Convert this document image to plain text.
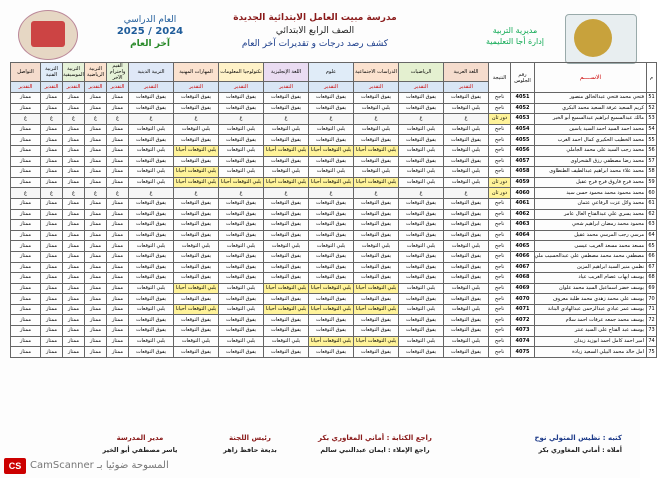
مديرية التربية
إدارة أجا التعليمية
مدرسة مبيت العامل الابتدائية الجديدة
الصف الرابع الابتدائي
كشف رصد درجات و تقديرات آخر العام
العام الدراسي
2024 / 2025
آخر العام
م	الاســــم	رقم الجلوس	النتيجة	اللغة العربية	الرياضيات	الدراسات الاجتماعية	علوم	اللغة الإنجليزية	تكنولوجيا المعلومات	المهارات المهنية	التربية الدينية	القيم واحترام الآخر	التربية الرياضية	التربية الموسيقية	التربية الفنية	التواصل
				التقدير	التقدير	التقدير	التقدير	التقدير	التقدير	التقدير	التقدير	التقدير	التقدير	التقدير	التقدير	التقدير
51	فتحي محمد فتحي عبدالخالق منصور	4051	ناجح	يفوق التوقعات	يفوق التوقعات	يفوق التوقعات	يفوق التوقعات	يفوق التوقعات	يفوق التوقعات	يفوق التوقعات	يفوق التوقعات	ممتاز	ممتاز	ممتاز	ممتاز	ممتاز
52	كريم السعيد عرفة السعيد محمد البكري	4052	ناجح	يلبي التوقعات	يفوق التوقعات	يلبي التوقعات	يفوق التوقعات	يفوق التوقعات	يفوق التوقعات	يفوق التوقعات	يفوق التوقعات	ممتاز	ممتاز	ممتاز	ممتاز	ممتاز
53	مالك عبدالسميع ابراهيم عبدالسميع أبو الخير	4053	دور ثان	غ	غ	غ	غ	غ	غ	غ	غ	غ	غ	غ	غ	غ
54	محمد احمد السيد احمد السيد ياسين	4054	ناجح	يلبي التوقعات	يلبي التوقعات	يلبي التوقعات	يلبي التوقعات	يلبي التوقعات	يلبي التوقعات	يلبي التوقعات	يلبي التوقعات	ممتاز	ممتاز	ممتاز	ممتاز	ممتاز
55	محمد الخطيب الحكيري كمال احمد الغرب	4055	ناجح	يفوق التوقعات	يفوق التوقعات	يفوق التوقعات	يفوق التوقعات	يفوق التوقعات	يفوق التوقعات	يفوق التوقعات	يفوق التوقعات	ممتاز	ممتاز	ممتاز	ممتاز	ممتاز
56	محمد رجب السيد على محمد الجاملي	4056	ناجح	يلبي التوقعات	يلبي التوقعات	يلبي التوقعات أحيانا	يلبي التوقعات أحيانا	يلبي التوقعات أحيانا	يلبي التوقعات	يلبي التوقعات أحيانا	يلبي التوقعات	ممتاز	ممتاز	ممتاز	ممتاز	ممتاز
57	محمد رضا مصطفي رزق الشحراوى	4057	ناجح	يفوق التوقعات	يفوق التوقعات	يفوق التوقعات	يفوق التوقعات	يفوق التوقعات	يفوق التوقعات	يفوق التوقعات	يفوق التوقعات	ممتاز	ممتاز	ممتاز	ممتاز	ممتاز
58	محمد علاء محمد ابراهيم عبدالطيف الطنطاوى	4058	ناجح	يلبي التوقعات	يلبي التوقعات	يلبي التوقعات	يلبي التوقعات	يلبي التوقعات	يلبي التوقعات	يلبي التوقعات أحيانا	يلبي التوقعات	ممتاز	ممتاز	ممتاز	ممتاز	ممتاز
59	محمد فرج فاروق فرج فرج عقيل	4059	دور ثان	يلبي التوقعات	يلبي التوقعات	يلبي التوقعات أحيانا	يلبي التوقعات أحيانا	يلبي التوقعات أحيانا	يلبي التوقعات أحيانا	يلبي التوقعات أحيانا	يلبي التوقعات	ممتاز	ممتاز	ممتاز	ممتاز	ممتاز
60	محمد محمود محمد محمود حسن سيد	4060	دور ثان	غ	غ	غ	غ	غ	غ	غ	غ	غ	غ	غ	غ	غ
61	محمد وائل عزت الرفاعي عثمان	4061	ناجح	يفوق التوقعات	يفوق التوقعات	يفوق التوقعات	يفوق التوقعات	يفوق التوقعات	يفوق التوقعات	يفوق التوقعات	يفوق التوقعات	ممتاز	ممتاز	ممتاز	ممتاز	ممتاز
62	محمد يسري علي عبدالفتاح العال عامر	4062	ناجح	يفوق التوقعات	يفوق التوقعات	يفوق التوقعات	يفوق التوقعات	يفوق التوقعات	يفوق التوقعات	يفوق التوقعات	يفوق التوقعات	ممتاز	ممتاز	ممتاز	ممتاز	ممتاز
63	محمود محمد رمضان ابراهيم شحي	4063	ناجح	يفوق التوقعات	يفوق التوقعات	يفوق التوقعات	يفوق التوقعات	يفوق التوقعات	يفوق التوقعات	يفوق التوقعات	يفوق التوقعات	ممتاز	ممتاز	ممتاز	ممتاز	ممتاز
64	مرسي رجب المرسي محمد عقيل	4064	ناجح	يفوق التوقعات	يفوق التوقعات	يفوق التوقعات	يفوق التوقعات	يفوق التوقعات	يفوق التوقعات	يفوق التوقعات	يفوق التوقعات	ممتاز	ممتاز	ممتاز	ممتاز	ممتاز
65	مسعد محمد مسعد الغريب عيسى	4065	ناجح	يلبي التوقعات	يلبي التوقعات	يلبي التوقعات	يلبي التوقعات	يلبي التوقعات	يلبي التوقعات	يلبي التوقعات	يلبي التوقعات	ممتاز	ممتاز	ممتاز	ممتاز	ممتاز
66	مصطفي محمد محمد مصطفي علي عبدالحسيب ملي	4066	ناجح	يفوق التوقعات	يفوق التوقعات	يفوق التوقعات	يفوق التوقعات	يفوق التوقعات	يفوق التوقعات	يفوق التوقعات	يفوق التوقعات	ممتاز	ممتاز	ممتاز	ممتاز	ممتاز
67	نظمي منير السيد ابراهيم المزين	4067	ناجح	يفوق التوقعات	يفوق التوقعات	يفوق التوقعات	يفوق التوقعات	يفوق التوقعات	يفوق التوقعات	يفوق التوقعات	يفوق التوقعات	ممتاز	ممتاز	ممتاز	ممتاز	ممتاز
68	يوسف ايهاب عصام الغريب عياد	4068	ناجح	يفوق التوقعات	يفوق التوقعات	يفوق التوقعات	يفوق التوقعات	يفوق التوقعات	يفوق التوقعات	يفوق التوقعات	يفوق التوقعات	ممتاز	ممتاز	ممتاز	ممتاز	ممتاز
69	يوسف خضر اسماعيل السيد محمد علوان	4069	ناجح	يلبي التوقعات	يلبي التوقعات	يلبي التوقعات أحيانا	يلبي التوقعات أحيانا	يلبي التوقعات أحيانا	يلبي التوقعات	يلبي التوقعات أحيانا	يلبي التوقعات	ممتاز	ممتاز	ممتاز	ممتاز	ممتاز
70	يوسف علي محمد زهدي محمد طلبة معروف	4070	ناجح	يفوق التوقعات	يفوق التوقعات	يفوق التوقعات	يفوق التوقعات	يفوق التوقعات	يفوق التوقعات	يفوق التوقعات	يفوق التوقعات	ممتاز	ممتاز	ممتاز	ممتاز	ممتاز
71	يوسف عمر عبادي عبدالرحمن عبدالهادي البنانة	4071	ناجح	يلبي التوقعات	يلبي التوقعات	يلبي التوقعات أحيانا	يلبي التوقعات أحيانا	يلبي التوقعات أحيانا	يلبي التوقعات	يلبي التوقعات أحيانا	يلبي التوقعات	ممتاز	ممتاز	ممتاز	ممتاز	ممتاز
72	يوسف محمد جمعه عرفات احمد سلام	4072	ناجح	يفوق التوقعات	يفوق التوقعات	يفوق التوقعات	يفوق التوقعات	يفوق التوقعات	يفوق التوقعات	يفوق التوقعات	يفوق التوقعات	ممتاز	ممتاز	ممتاز	ممتاز	ممتاز
73	يوسف عبد الفتاح على السيد عنتر	4073	ناجح	يفوق التوقعات	يفوق التوقعات	يفوق التوقعات	يفوق التوقعات	يفوق التوقعات	يفوق التوقعات	يفوق التوقعات	يفوق التوقعات	ممتاز	ممتاز	ممتاز	ممتاز	ممتاز
74	امير احمد كامل احمد ابوزيد زيدان	4074	ناجح	يلبي التوقعات	يلبي التوقعات	يلبي التوقعات أحيانا	يلبي التوقعات أحيانا	يلبي التوقعات	يلبي التوقعات	يلبي التوقعات	يلبي التوقعات	ممتاز	ممتاز	ممتاز	ممتاز	ممتاز
75	امل خالد محمد البيلي السعيد زيادة	4075	ناجح	يفوق التوقعات	يفوق التوقعات	يفوق التوقعات	يفوق التوقعات	يفوق التوقعات	يفوق التوقعات	يفوق التوقعات	يفوق التوقعات	ممتاز	ممتاز	ممتاز	ممتاز	ممتاز
كتبه : نظيس المتولي نوح
أملاه : أماني المغاوري بكر
راجع الكتابة : أماني المغاوري بكر
راجع الإملاء : ايمان عبدالنبي سالم
رئيس اللجنة
بديعة حافظ زاهر
مدير المدرسة
ياسر مصطفي أبو الخير
CS المسوحة ضوئيا بـ CamScanner
